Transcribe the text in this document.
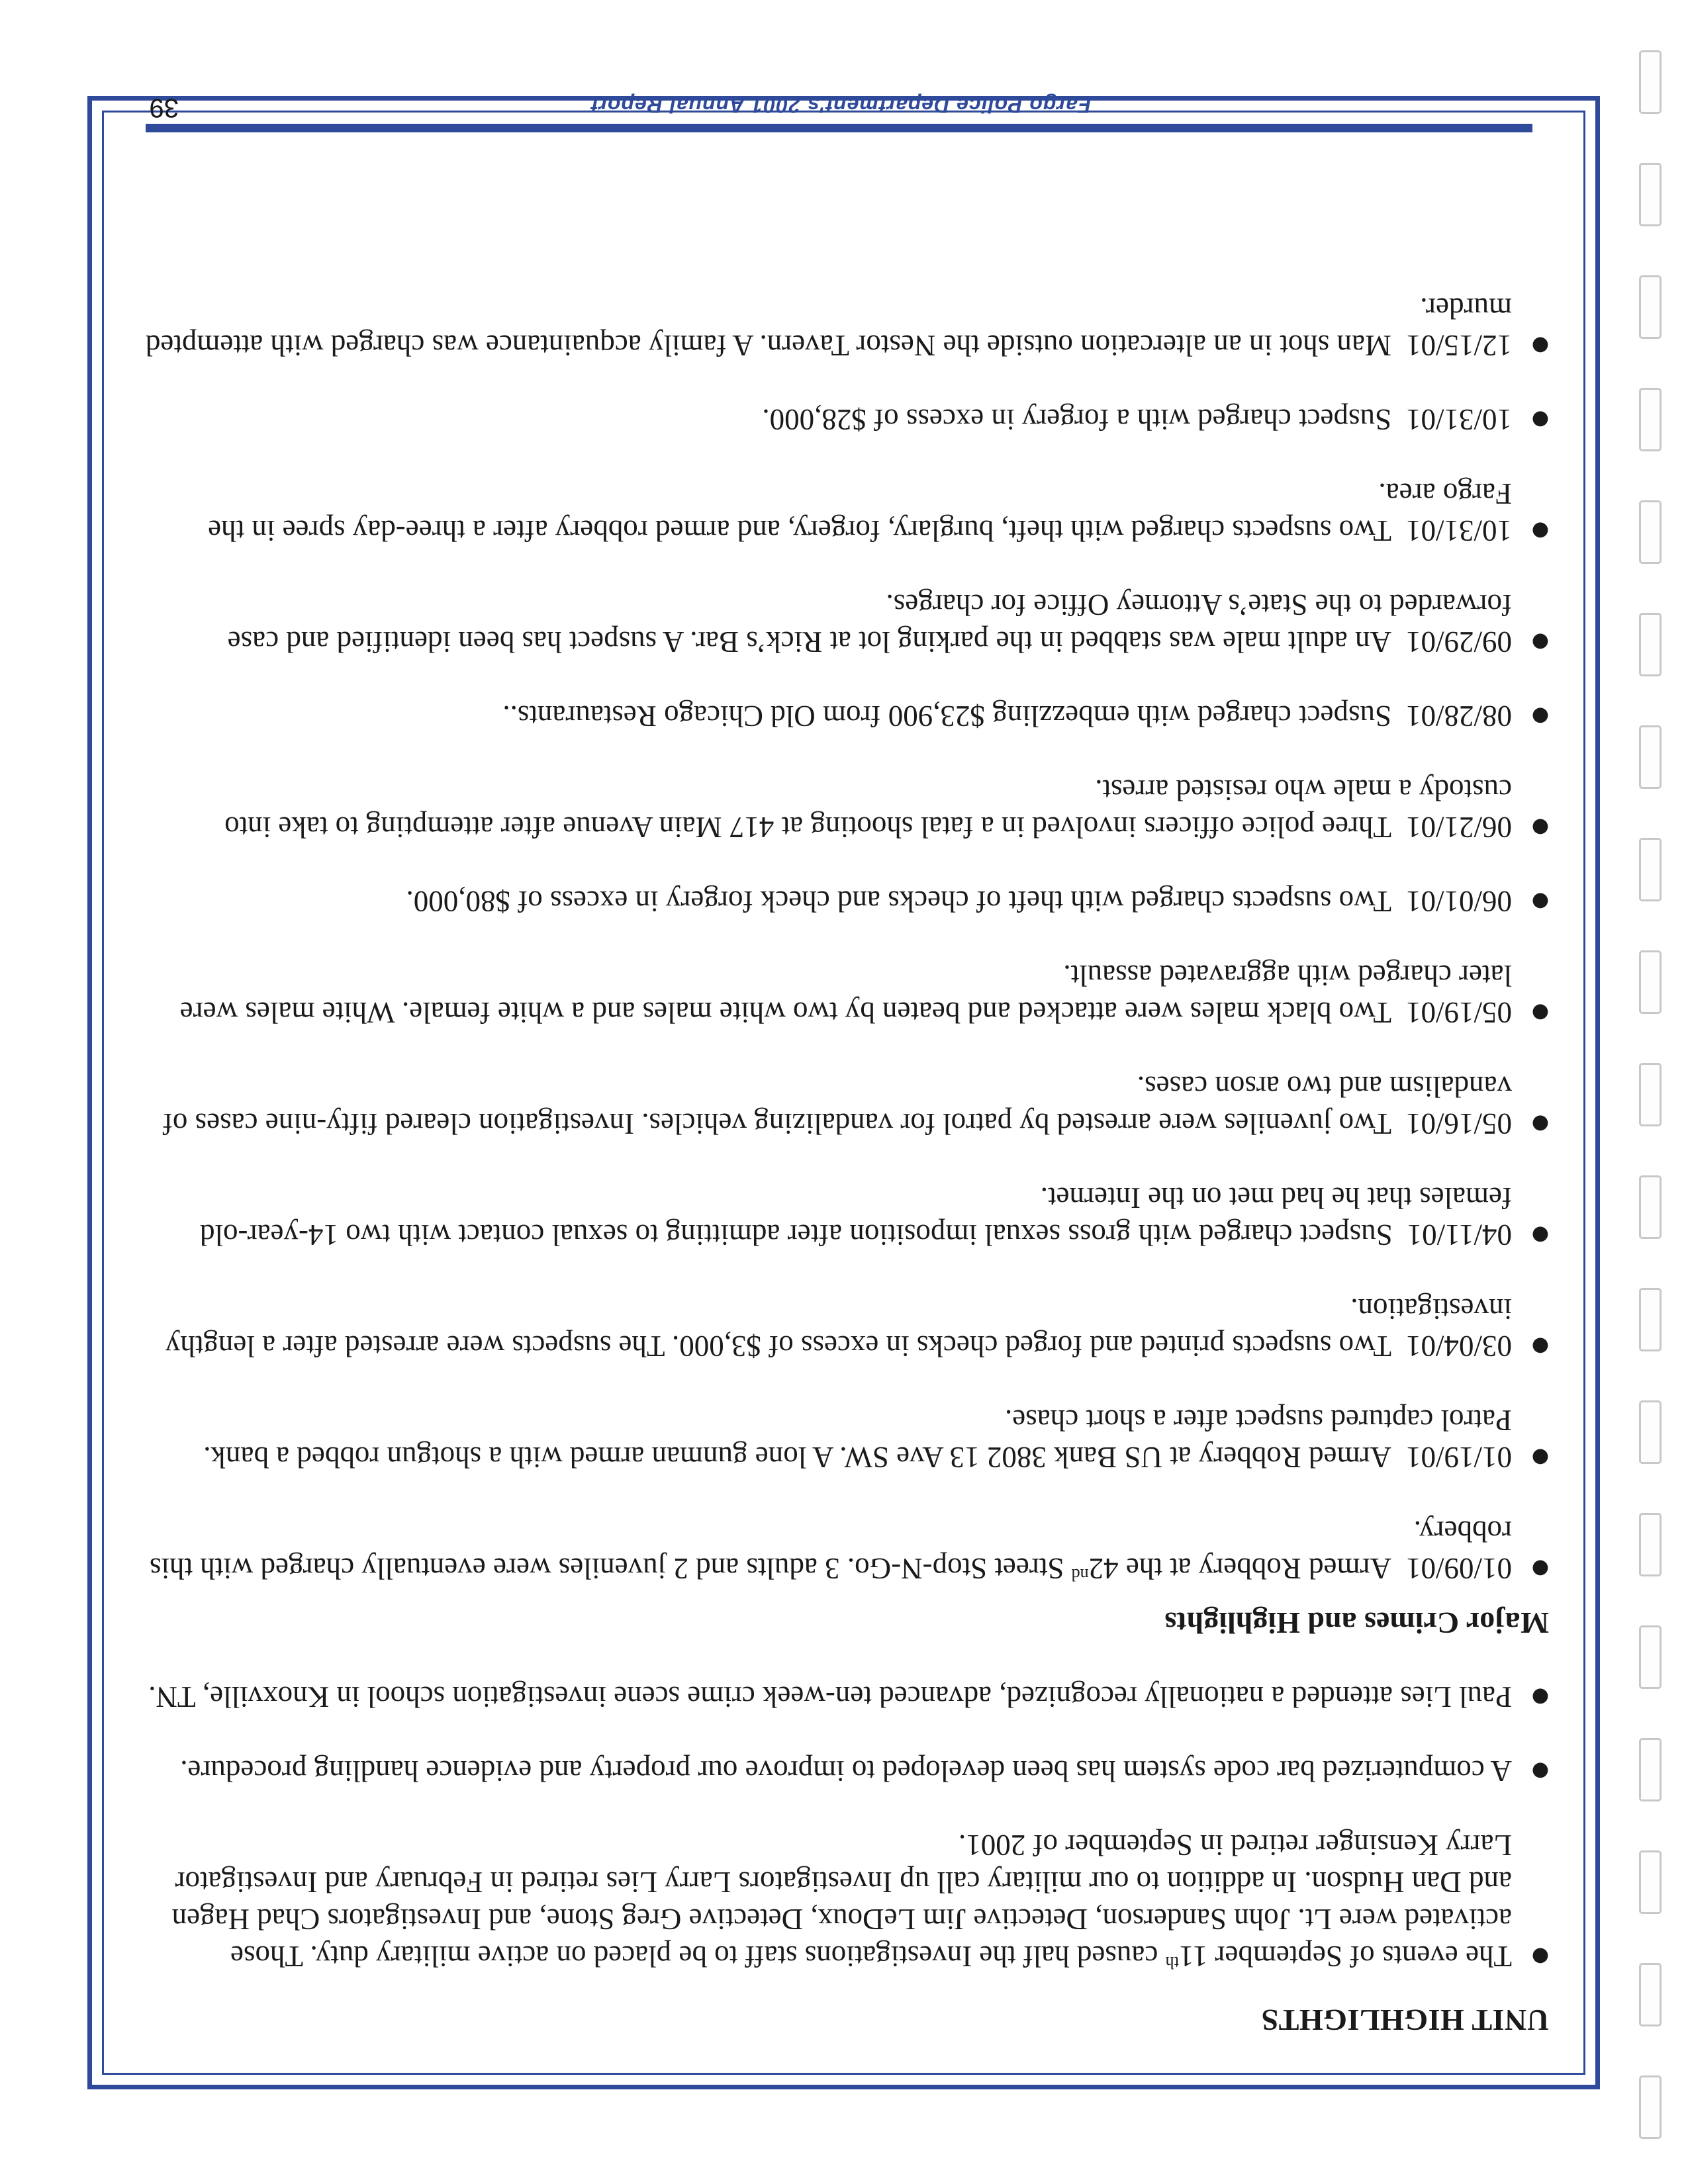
UNIT HIGHLIGHTS
● The events of September 11th caused half the Investigations staff to be placed on active military duty. Those activated were Lt. John Sanderson, Detective Jim LeDoux, Detective Greg Stone, and Investigators Chad Hagen and Dan Hudson. In addition to our military call up Investigators Larry Lies retired in February and Investigator Larry Kensinger retired in September of 2001.
● A computerized bar code system has been developed to improve our property and evidence handling procedure.
● Paul Lies attended a nationally recognized, advanced ten-week crime scene investigation school in Knoxville, TN.
Major Crimes and Highlights
● 01/09/01Armed Robbery at the 42nd Street Stop-N-Go. 3 adults and 2 juveniles were eventually charged with this robbery.
● 01/19/01Armed Robbery at US Bank 3802 13 Ave SW. A lone gunman armed with a shotgun robbed a bank. Patrol captured suspect after a short chase.
● 03/04/01Two suspects printed and forged checks in excess of $3,000. The suspects were arrested after a lengthy investigation.
● 04/11/01Suspect charged with gross sexual imposition after admitting to sexual contact with two 14-year-old females that he had met on the Internet.
● 05/16/01Two juveniles were arrested by patrol for vandalizing vehicles. Investigation cleared fifty-nine cases of vandalism and two arson cases.
● 05/19/01Two black males were attacked and beaten by two white males and a white female. White males were later charged with aggravated assault.
● 06/01/01Two suspects charged with theft of checks and check forgery in excess of $80,000.
● 06/21/01Three police officers involved in a fatal shooting at 417 Main Avenue after attempting to take into custody a male who resisted arrest.
● 08/28/01Suspect charged with embezzling $23,900 from Old Chicago Restaurants..
● 09/29/01An adult male was stabbed in the parking lot at Rick’s Bar. A suspect has been identified and case forwarded to the State’s Attorney Office for charges.
● 10/31/01Two suspects charged with theft, burglary, forgery, and armed robbery after a three-day spree in the Fargo area.
● 10/31/01Suspect charged with a forgery in excess of $28,000.
● 12/15/01Man shot in an altercation outside the Nestor Tavern. A family acquaintance was charged with attempted murder.
Fargo Police Department's 2001 Annual Report
39
